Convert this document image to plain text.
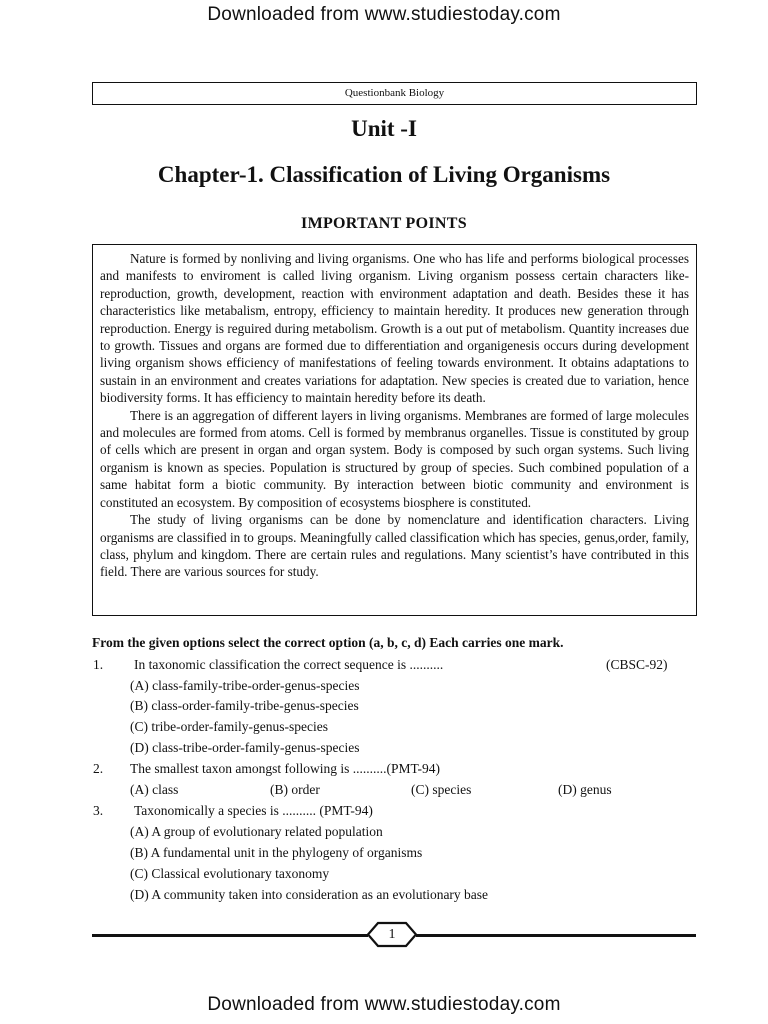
Downloaded from www.studiestoday.com
Questionbank Biology
Unit -I
Chapter-1. Classification of Living Organisms
IMPORTANT POINTS

Nature is formed by nonliving and living organisms. One who has life and performs biological processes and manifests to enviroment is called living organism. Living organism possess certain characters like-reproduction, growth, development, reaction with environment adaptation and death. Besides these it has characteristics like metabalism, entropy, efficiency to maintain heredity. It produces new generation through reproduction. Energy is reguired during metabolism. Growth is a out put of metabolism. Quantity increases due to growth. Tissues and organs are formed due to differentiation and organigenesis occurs during development living organism shows efficiency of manifestations of feeling towards environment. It obtains adaptations to sustain in an environment and creates variations for adaptation. New species is created due to variation, hence biodiversity forms. It has efficiency to maintain heredity before its death.

There is an aggregation of different layers in living organisms. Membranes are formed of large molecules and molecules are formed from atoms. Cell is formed by membranus organelles. Tissue is constituted by group of cells which are present in organ and organ system. Body is composed by such organ systems. Such living organism is known as species. Population is structured by group of species. Such combined population of a same habitat form a biotic community. By interaction between biotic community and environment is constituted an ecosystem. By composition of ecosystems biosphere is constituted.

The study of living organisms can be done by nomenclature and identification characters. Living organisms are classified in to groups. Meaningfully called classification which has species, genus,order, family, class, phylum and kingdom. There are certain rules and regulations. Many scientist’s have contributed in this field. There are various sources for study.

From the given options select the correct option (a, b, c, d) Each carries one mark.
1. In taxonomic classification the correct sequence is ..........	(CBSC-92)
(A) class-family-tribe-order-genus-species
(B) class-order-family-tribe-genus-species
(C) tribe-order-family-genus-species
(D) class-tribe-order-family-genus-species
2. The smallest taxon amongst following is ..........(PMT-94)
(A) class	(B) order	(C) species	(D) genus
3. Taxonomically a species is .......... (PMT-94)
(A) A group of evolutionary related population
(B) A fundamental unit in the phylogeny of organisms
(C) Classical evolutionary taxonomy
(D) A community taken into consideration as an evolutionary base
1
Downloaded from www.studiestoday.com
